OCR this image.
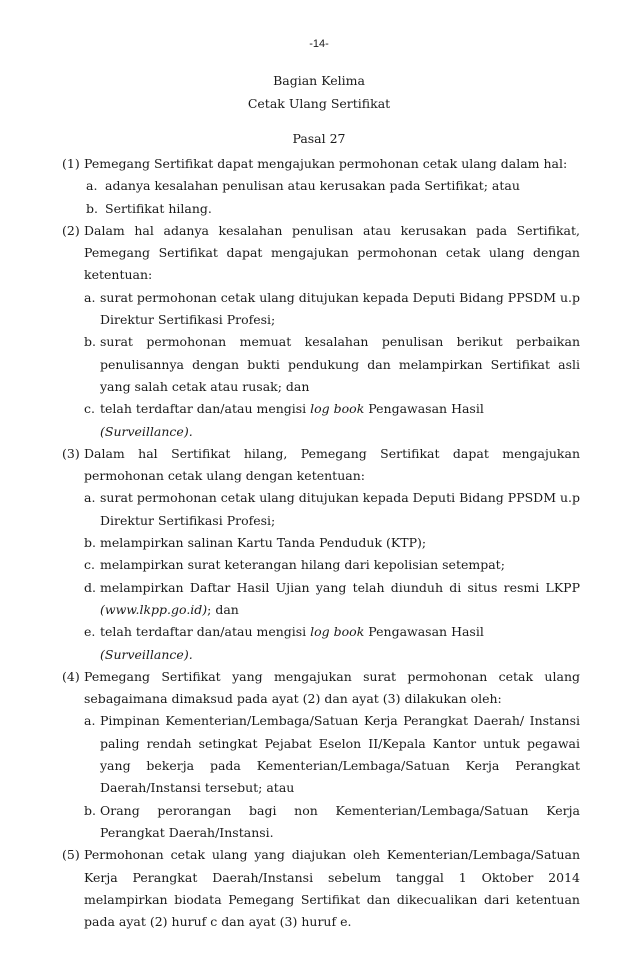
-14-
Bagian Kelima
Cetak Ulang Sertifikat
Pasal 27
(1) Pemegang Sertifikat dapat mengajukan permohonan cetak ulang dalam hal:
a. adanya kesalahan penulisan atau kerusakan pada Sertifikat; atau
b. Sertifikat hilang.
(2) Dalam hal adanya kesalahan penulisan atau kerusakan pada Sertifikat, Pemegang Sertifikat dapat mengajukan permohonan cetak ulang dengan ketentuan:
a. surat permohonan cetak ulang ditujukan kepada Deputi Bidang PPSDM u.p Direktur Sertifikasi Profesi;
b. surat permohonan memuat kesalahan penulisan berikut perbaikan penulisannya dengan bukti pendukung dan melampirkan Sertifikat asli yang salah cetak atau rusak; dan
c. telah terdaftar dan/atau mengisi log book Pengawasan Hasil (Surveillance).
(3) Dalam hal Sertifikat hilang, Pemegang Sertifikat dapat mengajukan permohonan cetak ulang dengan ketentuan:
a. surat permohonan cetak ulang ditujukan kepada Deputi Bidang PPSDM u.p Direktur Sertifikasi Profesi;
b. melampirkan salinan Kartu Tanda Penduduk (KTP);
c. melampirkan surat keterangan hilang dari kepolisian setempat;
d. melampirkan Daftar Hasil Ujian yang telah diunduh di situs resmi LKPP (www.lkpp.go.id); dan
e. telah terdaftar dan/atau mengisi log book Pengawasan Hasil (Surveillance).
(4) Pemegang Sertifikat yang mengajukan surat permohonan cetak ulang sebagaimana dimaksud pada ayat (2) dan ayat (3) dilakukan oleh:
a. Pimpinan Kementerian/Lembaga/Satuan Kerja Perangkat Daerah/ Instansi paling rendah setingkat Pejabat Eselon II/Kepala Kantor untuk pegawai yang bekerja pada Kementerian/Lembaga/Satuan Kerja Perangkat Daerah/Instansi tersebut; atau
b. Orang perorangan bagi non Kementerian/Lembaga/Satuan Kerja Perangkat Daerah/Instansi.
(5) Permohonan cetak ulang yang diajukan oleh Kementerian/Lembaga/Satuan Kerja Perangkat Daerah/Instansi sebelum tanggal 1 Oktober 2014 melampirkan biodata Pemegang Sertifikat dan dikecualikan dari ketentuan pada ayat (2) huruf c dan ayat (3) huruf e.
